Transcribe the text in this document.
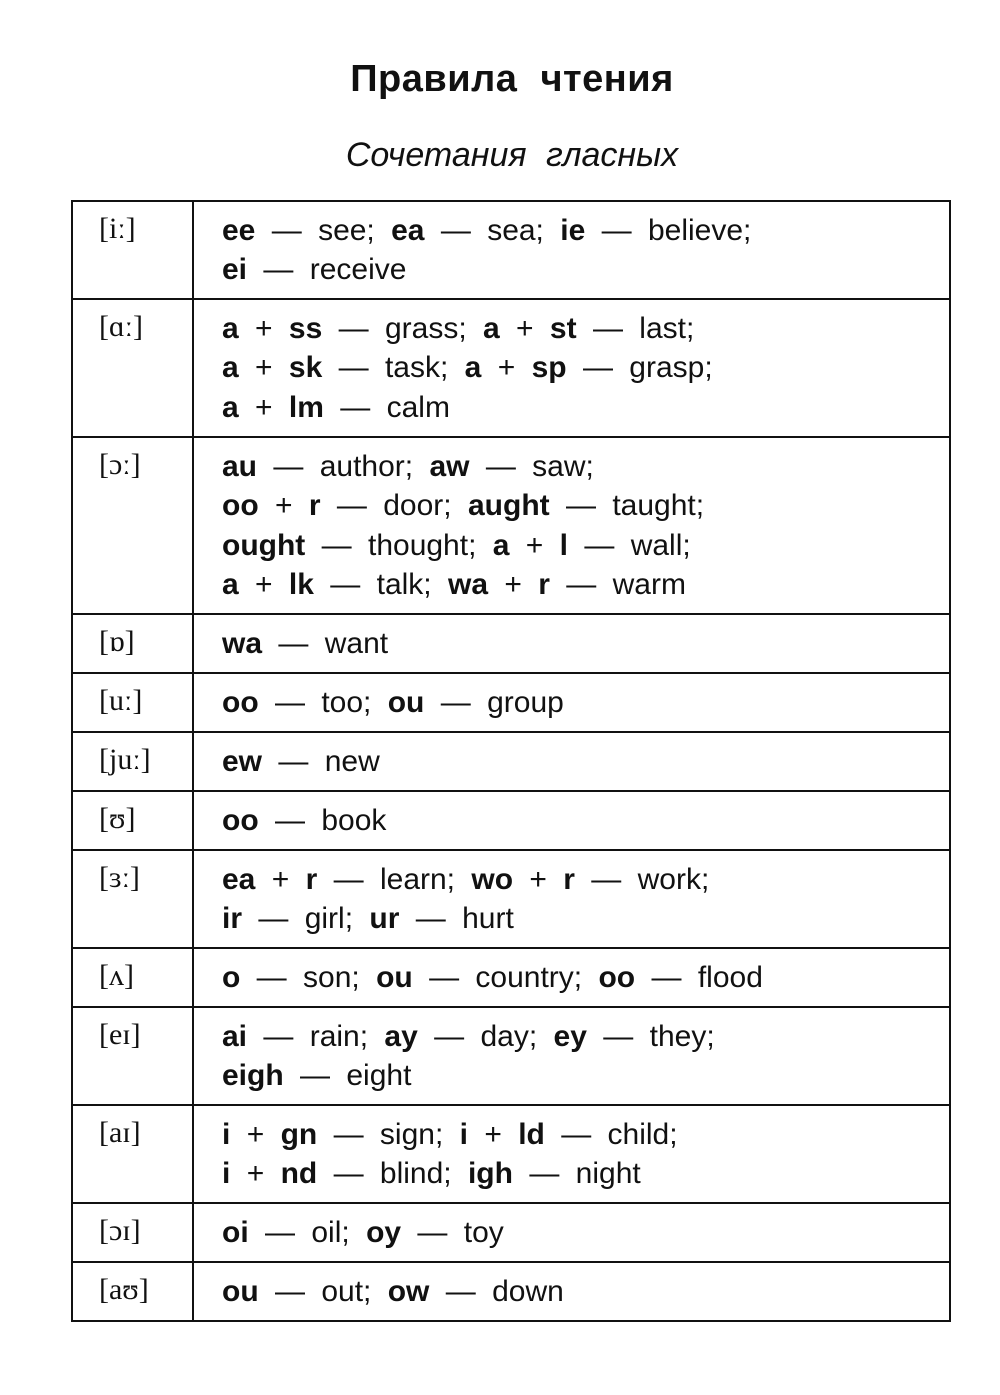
Правила чтения
Сочетания гласных
[iː]	ee — see; ea — sea; ie — believe;
ei — receive

[ɑː]	a + ss — grass; a + st — last;
a + sk — task; a + sp — grasp;
a + lm — calm

[ɔː]	au — author; aw — saw;
oo + r — door; aught — taught;
ought — thought; a + l — wall;
a + lk — talk; wa + r — warm

[ɒ]	wa — want

[uː]	oo — too; ou — group

[juː]	ew — new

[ʊ]	oo — book

[ɜː]	ea + r — learn; wo + r — work;
ir — girl; ur — hurt

[ʌ]	o — son; ou — country; oo — flood

[eɪ]	ai — rain; ay — day; ey — they;
eigh — eight

[aɪ]	i + gn — sign; i + ld — child;
i + nd — blind; igh — night

[ɔɪ]	oi — oil; oy — toy

[aʊ]	ou — out; ow — down
